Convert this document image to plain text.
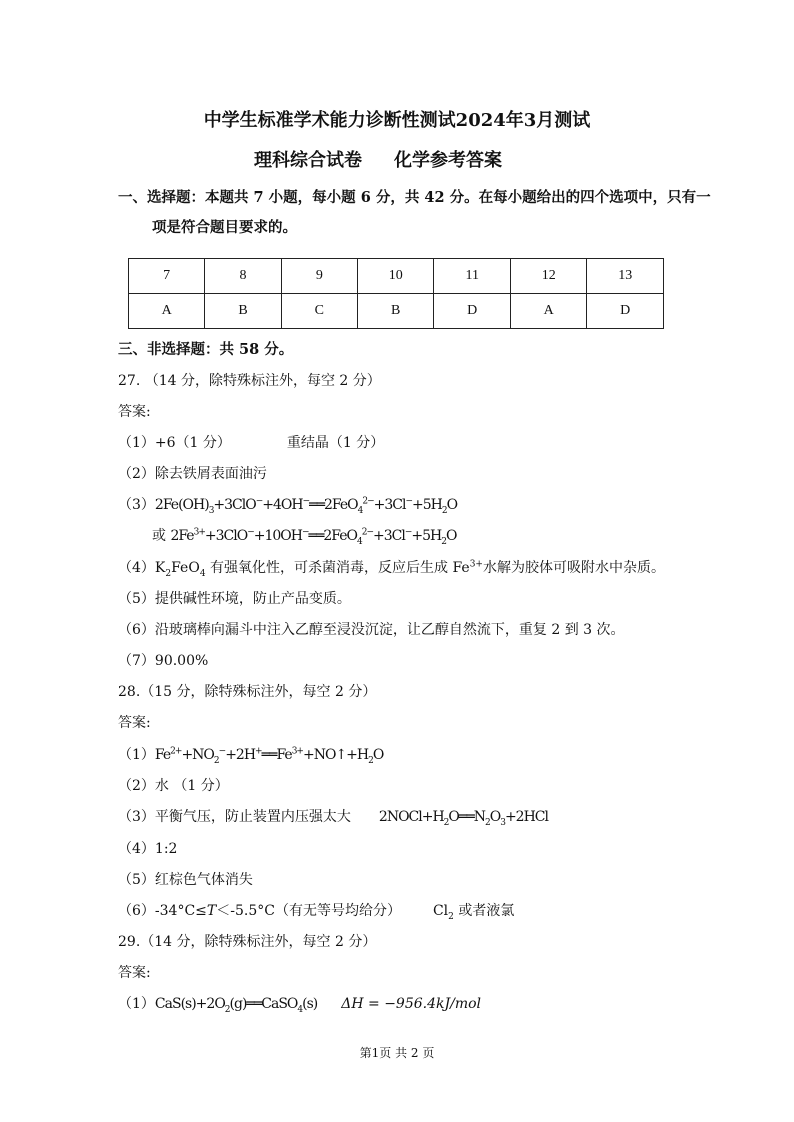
中学生标准学术能力诊断性测试2024年3月测试
理科综合试卷 化学参考答案
一、选择题：本题共 7 小题，每小题 6 分，共 42 分。在每小题给出的四个选项中，只有一
项是符合题目要求的。
7	8	9	10	11	12	13
A	B	C	B	D	A	D
三、非选择题：共 58 分。
27. （14 分，除特殊标注外，每空 2 分）
答案:
（1）+6（1 分）	重结晶（1 分）
（2）除去铁屑表面油污
$(3)2Fe(OH)_3+3ClO^-+4OH^-══2FeO_4^{2-}+3Cl^-+5H_2O$
或 $2Fe^{3+}+3ClO^-+10OH^-══2FeO_4^{2-}+3Cl^-+5H_2O$
$(4)K_2FeO_4$ 有强氧化性，可杀菌消毒，反应后生成 $Fe^{3+}$水解为胶体可吸附水中杂质。
（5）提供碱性环境，防止产品变质。
（6）沿玻璃棒向漏斗中注入乙醇至浸没沉淀，让乙醇自然流下，重复 2 到 3 次。
（7）90.00%
28.（15 分，除特殊标注外，每空 2 分）
答案:
$(1)Fe^{2+}+NO_2^-+2H^+══Fe^{3+}+NO↑+H_2O$
（2）水 （1 分）
（3）平衡气压，防止装置内压强太大 $2NOCl+H_2O══N_2O_3+2HCl$
（4）1:2
（5）红棕色气体消失
（6）-34°C≤T＜-5.5°C（有无等号均给分） $Cl_2$ 或者液氯
29.（14 分，除特殊标注外，每空 2 分）
答案:
$(1)CaS(s)+2O_2(g)══CaSO_4(s) \Delta H = -956.4kJ/mol$
第1页 共 2 页
